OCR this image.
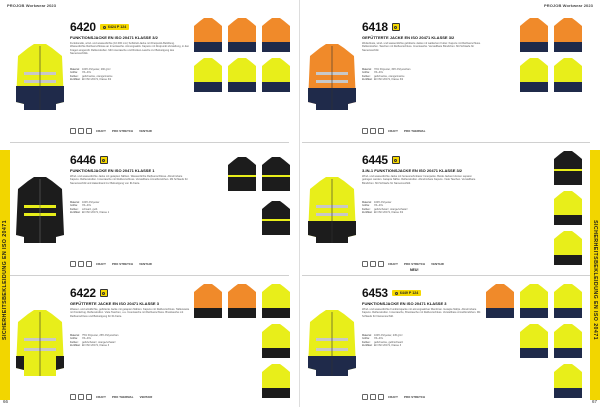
PROJOB Workwear 2023
SICHERHEITSBEKLEIDUNG EN ISO 20471
6420	6424 P 124
FUNKTIONSJACKE EN ISO 20471 KLASSE 3/2
Funktionelle, wind- und wasserdichte (10.000 mm) Softshell-Jacke mit Dreipunkt-Belüftung. Wasserdichte Reißverschlüsse an Innentasche. Atmungsaktiv. Kapuze mit Dreipunkt-Verstellung, in den Kragen eingerollt. Reflexstreifen. Mit Innentasche und Rücken-Lasche zur Befestigung des Namensschilds.
Material: 100% Polyester, 290 g/m²
Größe:	XS–4XL
Farben:	gelb/marine, orange/marine
Zertifikat: EN ISO 20471, Klasse 3/2
CRAFT	PRO STRETCH	VENTAIR
6446
FUNKTIONSJACKE EN ISO 20471 KLASSE 1
Wind- und wasserdichte Jacke mit getapten Nähten. Wasserdichte Reißverschlüsse. Abnehmbare Kapuze. Reflexstreifen. Innentasche mit Reißverschluss. Verstellbare Ärmelbündchen. Mit Schlaufe für Namensschild und Hakenband zur Befestigung von ID-Karte.
Material: 100% Polyester
Größe:	XS–4XL
Farben:	schwarz, gelb
Zertifikat: EN ISO 20471, Klasse 1
CRAFT	PRO STRETCH	VENTAIR
6422
GEFÜTTERTE JACKE EN ISO 20471 KLASSE 3
Wasser- und winddichte, gefütterte Jacke mit getapten Nähten. Kapuze mit Reißverschluss. Taillenweite mit Kordelzug. Reflexstreifen. Viele Taschen, u.a. Innentasche mit Reißverschluss. Brusttasche mit Reißverschluss und Befestigung für ID-Karte.
Material: 75% Polyester, 25% Polyurethan
Größe:	XS–4XL
Farben:	gelb/schwarz, orange/schwarz
Zertifikat: EN ISO 20471, Klasse 3
CRAFT	PRO THERMAL	VENTAIR
66
PROJOB Workwear 2023
SICHERHEITSBEKLEIDUNG EN ISO 20471
6418
GEFÜTTERTE JACKE EN ISO 20471 KLASSE 3/2
Wetterfeste, wind- und wasserdichte gefütterte Jacke mit wattiertem Futter. Kapuze mit Reißverschluss. Reflexstreifen. Taschen mit Reißverschluss. Innentasche. Verstellbare Bündchen. Mit Schlaufe für Namensschild.
Material: 70% Polyester, 30% Polyurethan
Größe:	XS–4XL
Farben:	gelb/marine, orange/marine
Zertifikat: EN ISO 20471, Klasse 3/2
CRAFT	PRO THERMAL
6445
3-IN-1 FUNKTIONSJACKE EN ISO 20471 KLASSE 3/2
Wind- und wasserdichte Jacke mit herausnehmbarer Innenjacke. Beide Jacken können separat getragen werden. Getapte Nähte. Reflexstreifen. Abnehmbare Kapuze. Viele Taschen. Verstellbare Bündchen. Mit Schlaufe für Namensschild.
Material: 100% Polyester
Größe:	XS–4XL
Farben:	gelb/schwarz, orange/schwarz
Zertifikat: EN ISO 20471, Klasse 3/2
CRAFT	PRO STRETCH	VENTAIR
NEU!
6453	6449 P 124
FUNKTIONSJACKE EN ISO 20471 KLASSE 3
Wind- und wasserdichte Funktionsjacke mit atmungsaktiver Membran. Getapte Nähte. Abnehmbare Kapuze. Reflexstreifen. Innentasche, Brusttasche mit Reißverschluss. Verstellbare Ärmelbündchen. Mit Schlaufe für Namensschild.
Material: 100% Polyester, 245 g/m²
Größe:	XS–4XL
Farben:	gelb/marine, gelb/schwarz
Zertifikat: EN ISO 20471, Klasse 3
CRAFT	PRO STRETCH
67
